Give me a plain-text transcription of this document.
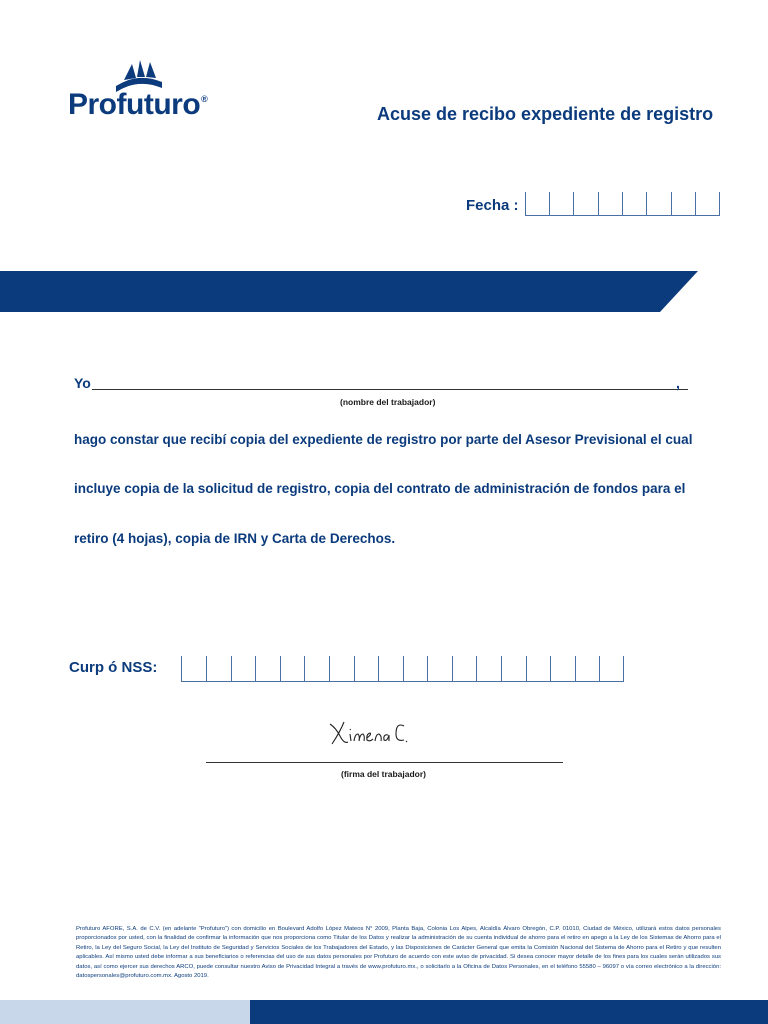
Profuturo®
Acuse de recibo expediente de registro
Fecha :
Yo	,
(nombre del trabajador)
hago constar que recibí copia del expediente de registro por parte del Asesor Previsional el cual
incluye copia de la solicitud de registro, copia del contrato de administración de fondos para el
retiro (4 hojas), copia de IRN y Carta de Derechos.
Curp ó NSS:
(firma del trabajador)
Profuturo AFORE, S.A. de C.V. (en adelante “Profuturo”) con domicilio en Boulevard Adolfo López Mateos N° 2009, Planta Baja, Colonia Los Alpes, Alcaldía Álvaro Obregón, C.P. 01010, Ciudad de México, utilizará estos datos personales proporcionados por usted, con la finalidad de confirmar la información que nos proporciona como Titular de los Datos y realizar la administración de su cuenta individual de ahorro para el retiro en apego a la Ley de los Sistemas de Ahorro para el Retiro, la Ley del Seguro Social, la Ley del Instituto de Seguridad y Servicios Sociales de los Trabajadores del Estado, y las Disposiciones de Carácter General que emita la Comisión Nacional del Sistema de Ahorro para el Retiro y que resulten aplicables. Así mismo usted debe informar a sus beneficiarios o referencias del uso de sus datos personales por Profuturo de acuerdo con este aviso de privacidad. Si desea conocer mayor detalle de los fines para los cuales serán utilizados sus datos, así como ejercer sus derechos ARCO, puede consultar nuestro Aviso de Privacidad Integral a través de www.profuturo.mx., o solicitarlo a la Oficina de Datos Personales, en el teléfono 55580 – 96097 o vía correo electrónico a la dirección: datospersonales@profuturo.com.mx. Agosto 2019.
